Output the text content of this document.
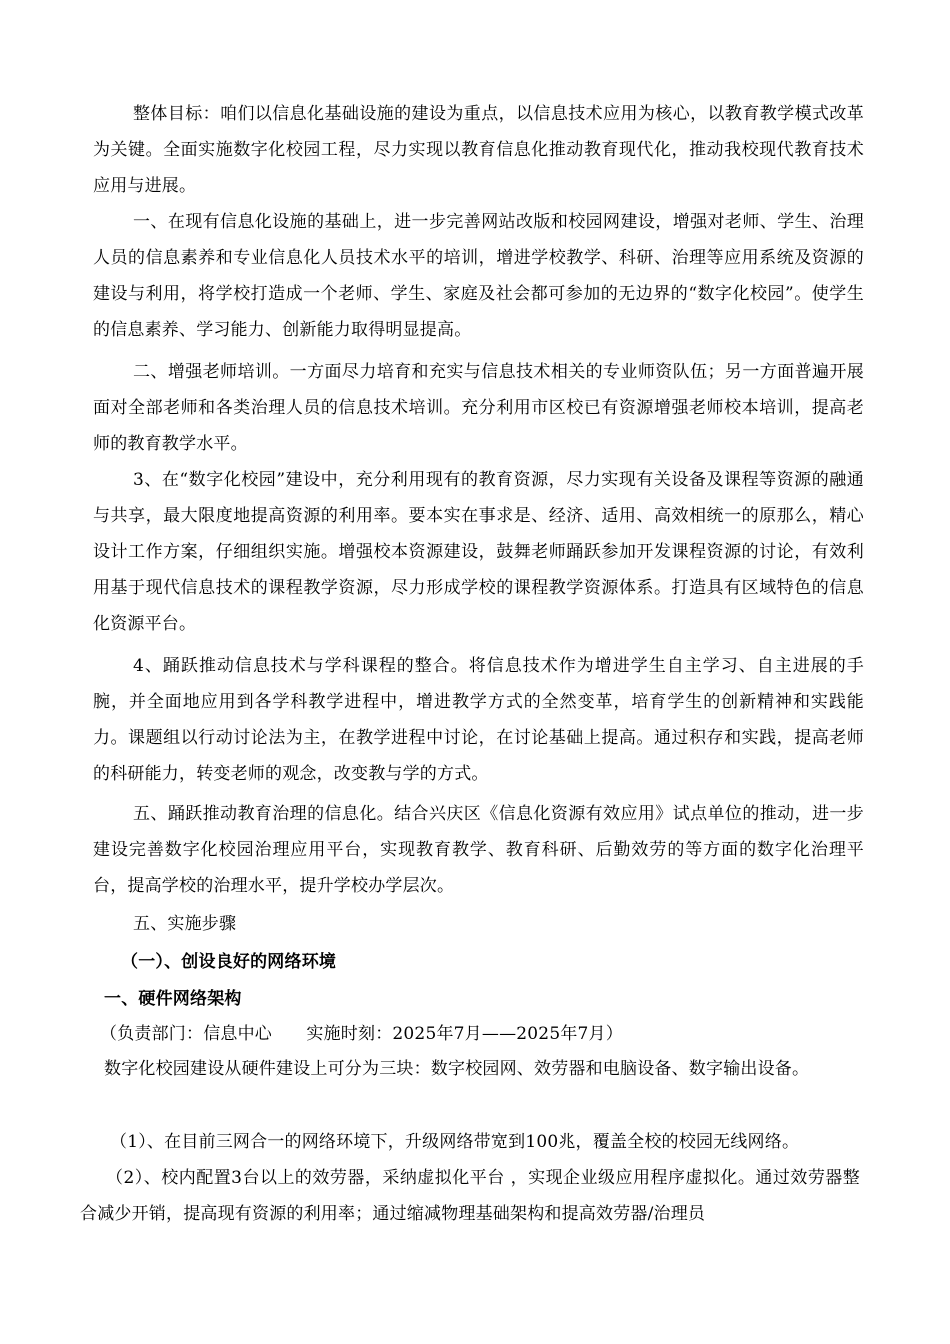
整体目标：咱们以信息化基础设施的建设为重点，以信息技术应用为核心，以教育教学模式改革为关键。全面实施数字化校园工程，尽力实现以教育信息化推动教育现代化，推动我校现代教育技术应用与进展。

一、在现有信息化设施的基础上，进一步完善网站改版和校园网建设，增强对老师、学生、治理人员的信息素养和专业信息化人员技术水平的培训，增进学校教学、科研、治理等应用系统及资源的建设与利用，将学校打造成一个老师、学生、家庭及社会都可参加的无边界的“数字化校园”。使学生的信息素养、学习能力、创新能力取得明显提高。

二、增强老师培训。一方面尽力培育和充实与信息技术相关的专业师资队伍；另一方面普遍开展面对全部老师和各类治理人员的信息技术培训。充分利用市区校已有资源增强老师校本培训，提高老师的教育教学水平。

3、在“数字化校园”建设中，充分利用现有的教育资源，尽力实现有关设备及课程等资源的融通与共享，最大限度地提高资源的利用率。要本实在事求是、经济、适用、高效相统一的原那么，精心设计工作方案，仔细组织实施。增强校本资源建设，鼓舞老师踊跃参加开发课程资源的讨论，有效利用基于现代信息技术的课程教学资源，尽力形成学校的课程教学资源体系。打造具有区域特色的信息化资源平台。

4、踊跃推动信息技术与学科课程的整合。将信息技术作为增进学生自主学习、自主进展的手腕，并全面地应用到各学科教学进程中，增进教学方式的全然变革，培育学生的创新精神和实践能力。课题组以行动讨论法为主，在教学进程中讨论，在讨论基础上提高。通过积存和实践，提高老师的科研能力，转变老师的观念，改变教与学的方式。

五、踊跃推动教育治理的信息化。结合兴庆区《信息化资源有效应用》试点单位的推动，进一步建设完善数字化校园治理应用平台，实现教育教学、教育科研、后勤效劳的等方面的数字化治理平台，提高学校的治理水平，提升学校办学层次。

五、实施步骤

（一）、创设良好的网络环境

一、硬件网络架构

（负责部门：信息中心　　实施时刻：2025年7月——2025年7月）

数字化校园建设从硬件建设上可分为三块：数字校园网、效劳器和电脑设备、数字输出设备。

（1）、在目前三网合一的网络环境下，升级网络带宽到100兆，覆盖全校的校园无线网络。

（2）、校内配置3台以上的效劳器，采纳虚拟化平台 ，实现企业级应用程序虚拟化。通过效劳器整合减少开销，提高现有资源的利用率；通过缩减物理基础架构和提高效劳器/治理员
